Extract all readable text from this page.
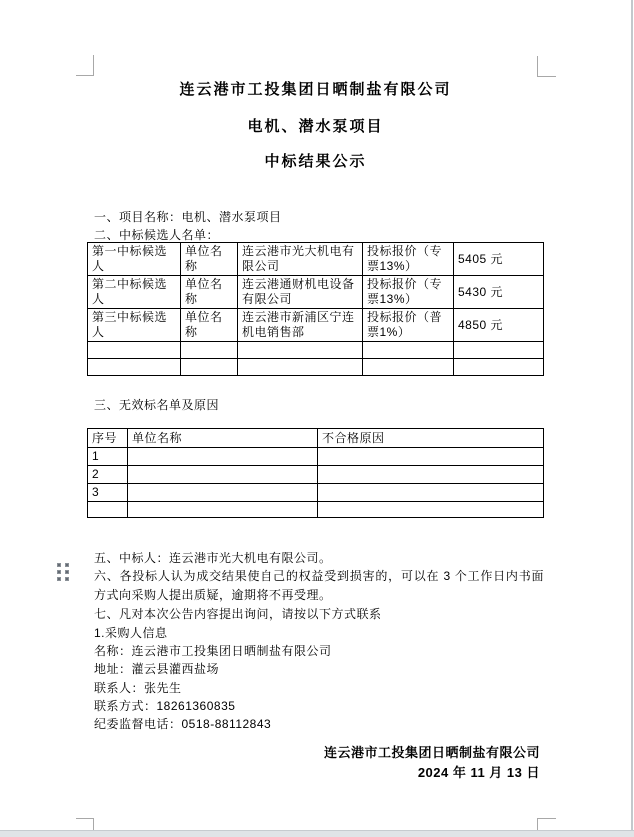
连云港市工投集团日晒制盐有限公司
电机、潜水泵项目
中标结果公示
一、项目名称：电机、潜水泵项目
二、中标候选人名单：
第一中标候选人	单位名称	连云港市光大机电有限公司	投标报价（专票13%）	5405 元
第二中标候选人	单位名称	连云港通财机电设备有限公司	投标报价（专票13%）	5430 元
第三中标候选人	单位名称	连云港市新浦区宁连机电销售部	投标报价（普票1%）	4850 元

三、无效标名单及原因
序号	单位名称	不合格原因
1		
2		
3		

五、中标人：连云港市光大机电有限公司。
六、各投标人认为成交结果使自己的权益受到损害的，可以在 3 个工作日内书面方式向采购人提出质疑，逾期将不再受理。
七、凡对本次公告内容提出询问，请按以下方式联系
1.采购人信息
名称：连云港市工投集团日晒制盐有限公司
地址：灌云县灌西盐场
联系人：张先生
联系方式：18261360835
纪委监督电话：0518-88112843
连云港市工投集团日晒制盐有限公司
2024 年 11 月 13 日
